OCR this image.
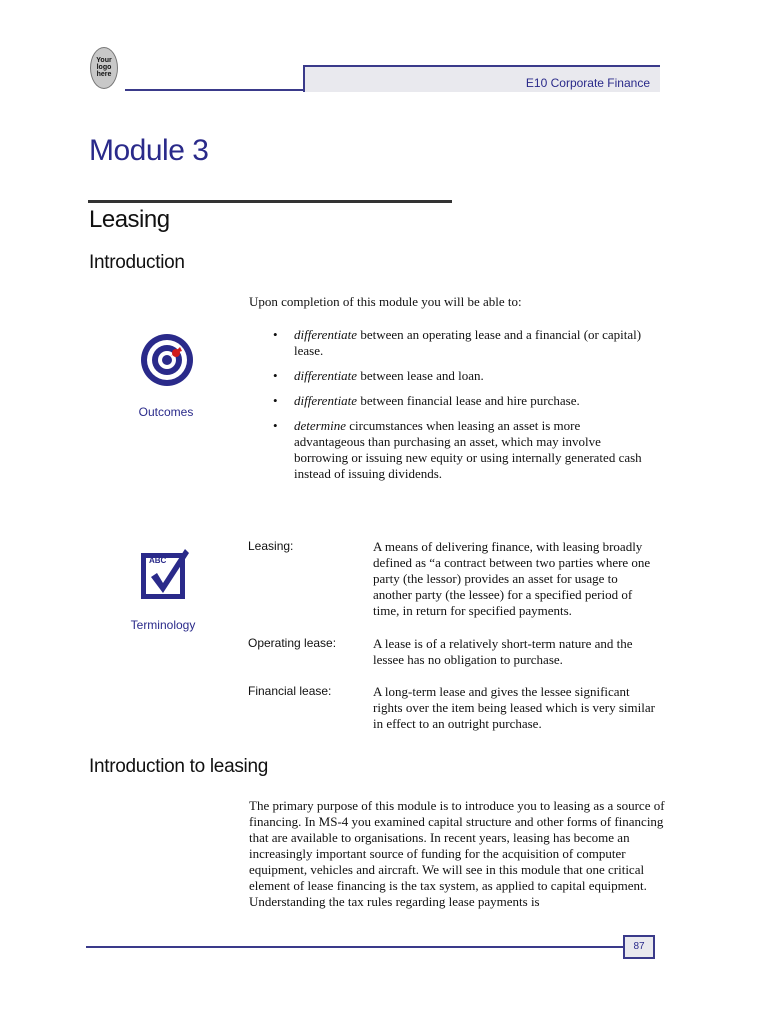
Your logo here
E10 Corporate Finance
Module 3
Leasing
Introduction
Upon completion of this module you will be able to:
Outcomes
• differentiate between an operating lease and a financial (or capital) lease.
• differentiate between lease and loan.
• differentiate between financial lease and hire purchase.
• determine circumstances when leasing an asset is more advantageous than purchasing an asset, which may involve borrowing or issuing new equity or using internally generated cash instead of issuing dividends.
ABC
Terminology
Leasing:	A means of delivering finance, with leasing broadly defined as “a contract between two parties where one party (the lessor) provides an asset for usage to another party (the lessee) for a specified period of time, in return for specified payments.
Operating lease:	A lease is of a relatively short-term nature and the lessee has no obligation to purchase.
Financial lease:	A long-term lease and gives the lessee significant rights over the item being leased which is very similar in effect to an outright purchase.
Introduction to leasing
The primary purpose of this module is to introduce you to leasing as a source of financing. In MS-4 you examined capital structure and other forms of financing that are available to organisations. In recent years, leasing has become an increasingly important source of funding for the acquisition of computer equipment, vehicles and aircraft. We will see in this module that one critical element of lease financing is the tax system, as applied to capital equipment. Understanding the tax rules regarding lease payments is
87
